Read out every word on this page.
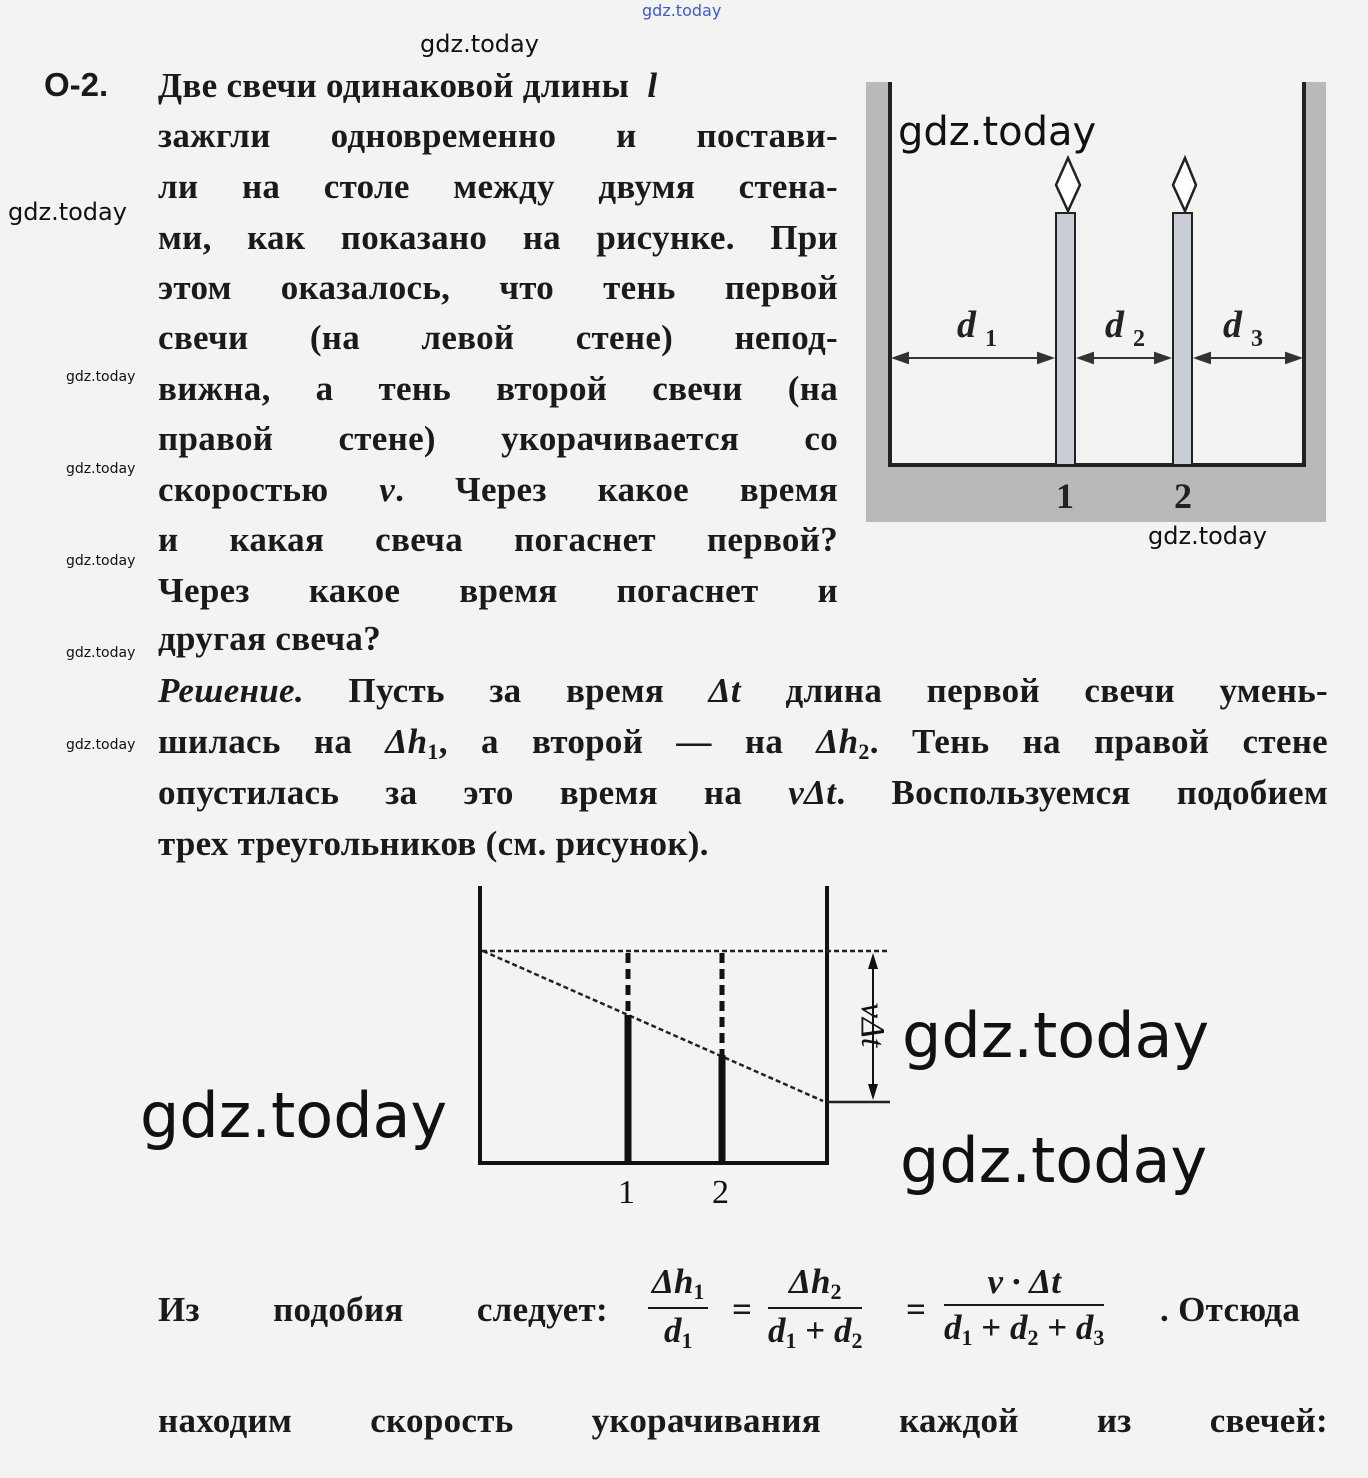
gdz.today
О-2. Две свечи одинаковой длины l
зажгли одновременно и постави-
ли на столе между двумя стена-
ми, как показано на рисунке. При
этом оказалось, что тень первой
свечи (на левой стене) непод-
вижна, а тень второй свечи (на
правой стене) укорачивается со
скоростью v. Через какое время
и какая свеча погаснет первой?
Через какое время погаснет и
другая свеча?
Решение. Пусть за время Δt длина первой свечи умень-
шилась на $\Delta h_1$, а второй — на $\Delta h_2$. Тень на правой стене
опустилась за это время на vΔt. Воспользуемся подобием
трех треугольников (см. рисунок).
d 1	d 2 d 3
1	2
vΔt
1 2
Из подобия следует: $\frac{\Delta h_1}{d_1} = \frac{\Delta h_2}{d_1 + d_2} = \frac{v \cdot \Delta t}{d_1 + d_2 + d_3}$ . Отсюда
находим скорость укорачивания каждой из свечей:
gdz.today
gdz.today
gdz.today
gdz.today
gdz.today
gdz.today
gdz.today
gdz.today
gdz.today
gdz.today
gdz.today
gdz.today
